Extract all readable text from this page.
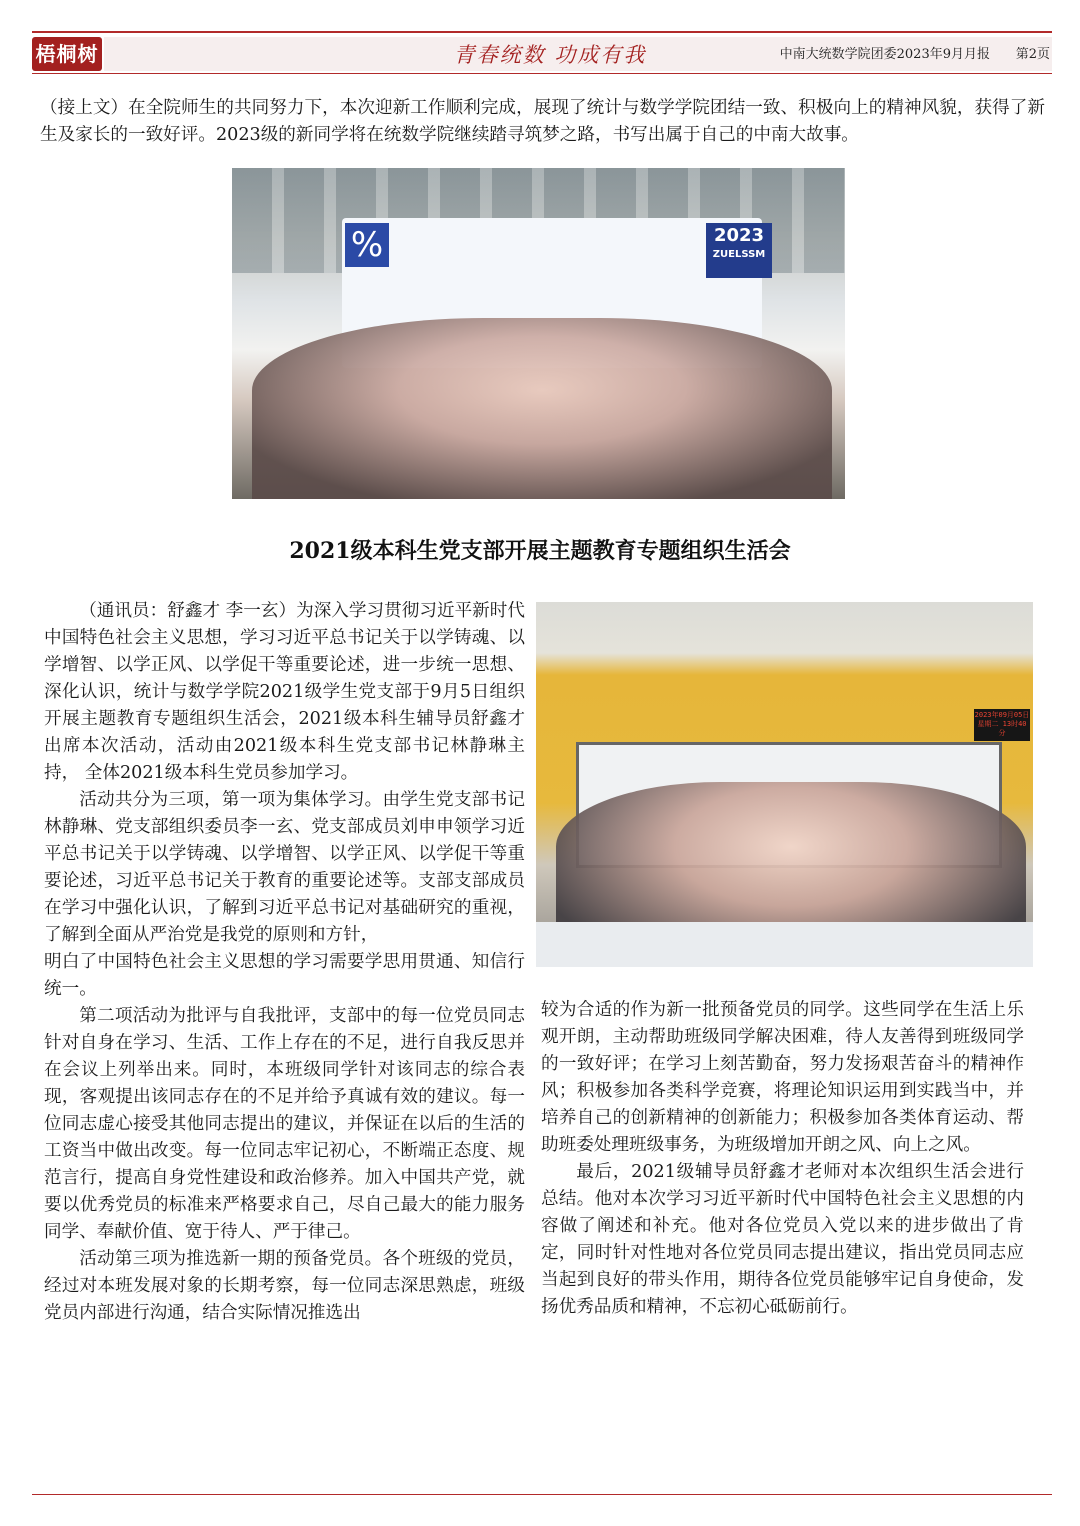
梧桐树	青春统数 功成有我	中南大统数学院团委2023年9月月报	第2页

（接上文）在全院师生的共同努力下，本次迎新工作顺利完成，展现了统计与数学学院团结一致、积极向上的精神风貌，获得了新生及家长的一致好评。2023级的新同学将在统数学院继续踏寻筑梦之路，书写出属于自己的中南大故事。

%	2023
ZUELSSM
2021级本科生党支部开展主题教育专题组织生活会

（通讯员：舒鑫才 李一玄）为深入学习贯彻习近平新时代中国特色社会主义思想，学习习近平总书记关于以学铸魂、以学增智、以学正风、以学促干等重要论述，进一步统一思想、深化认识，统计与数学学院2021级学生党支部于9月5日组织开展主题教育专题组织生活会，2021级本科生辅导员舒鑫才出席本次活动，活动由2021级本科生党支部书记林静琳主持， 全体2021级本科生党员参加学习。

活动共分为三项，第一项为集体学习。由学生党支部书记林静琳、党支部组织委员李一玄、党支部成员刘申申领学习近平总书记关于以学铸魂、以学增智、以学正风、以学促干等重要论述，习近平总书记关于教育的重要论述等。支部支部成员在学习中强化认识，了解到习近平总书记对基础研究的重视，了解到全面从严治党是我党的原则和方针，

明白了中国特色社会主义思想的学习需要学思用贯通、知信行统一。

第二项活动为批评与自我批评，支部中的每一位党员同志针对自身在学习、生活、工作上存在的不足，进行自我反思并在会议上列举出来。同时，本班级同学针对该同志的综合表现，客观提出该同志存在的不足并给予真诚有效的建议。每一位同志虚心接受其他同志提出的建议，并保证在以后的生活的工资当中做出改变。每一位同志牢记初心，不断端正态度、规范言行，提高自身党性建设和政治修养。加入中国共产党，就要以优秀党员的标准来严格要求自己，尽自己最大的能力服务同学、奉献价值、宽于待人、严于律己。

活动第三项为推选新一期的预备党员。各个班级的党员，经过对本班发展对象的长期考察，每一位同志深思熟虑，班级党员内部进行沟通，结合实际情况推选出

2023年09月05日 星期二 13时40分

较为合适的作为新一批预备党员的同学。这些同学在生活上乐观开朗，主动帮助班级同学解决困难，待人友善得到班级同学的一致好评；在学习上刻苦勤奋，努力发扬艰苦奋斗的精神作风；积极参加各类科学竞赛，将理论知识运用到实践当中，并培养自己的创新精神的创新能力；积极参加各类体育运动、帮助班委处理班级事务，为班级增加开朗之风、向上之风。

最后，2021级辅导员舒鑫才老师对本次组织生活会进行总结。他对本次学习习近平新时代中国特色社会主义思想的内容做了阐述和补充。他对各位党员入党以来的进步做出了肯定，同时针对性地对各位党员同志提出建议，指出党员同志应当起到良好的带头作用，期待各位党员能够牢记自身使命，发扬优秀品质和精神，不忘初心砥砺前行。
